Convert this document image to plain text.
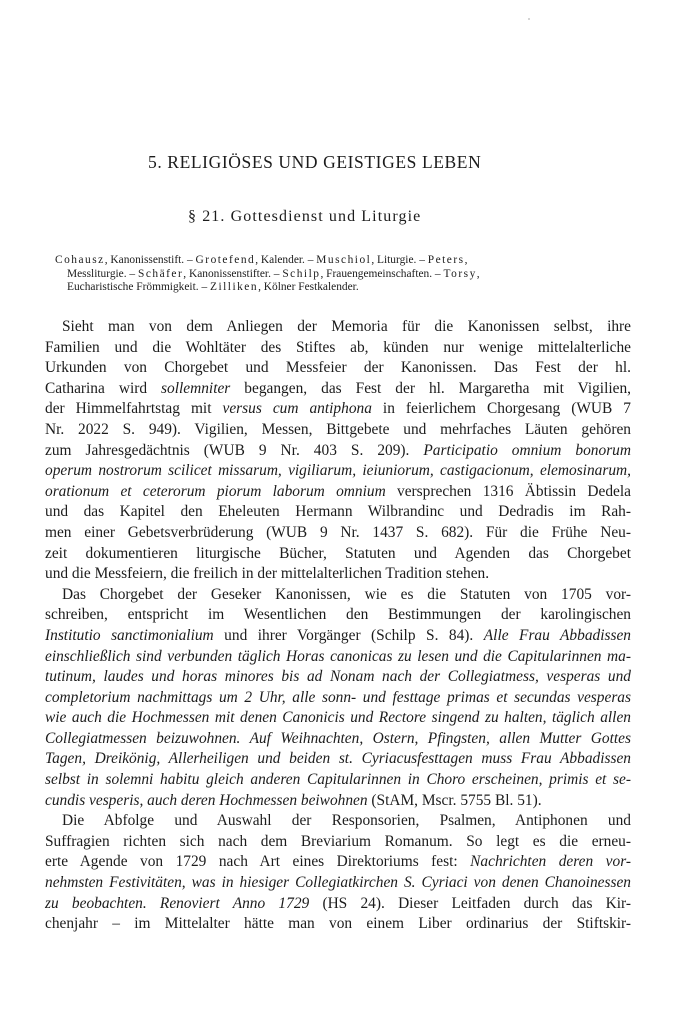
5. RELIGIÖSES UND GEISTIGES LEBEN
§ 21. Gottesdienst und Liturgie
Cohausz, Kanonissenstift. – Grotefend, Kalender. – Muschiol, Liturgie. – Peters,
Messliturgie. – Schäfer, Kanonissenstifter. – Schilp, Frauengemeinschaften. – Torsy,
Eucharistische Frömmigkeit. – Zilliken, Kölner Festkalender.
Sieht man von dem Anliegen der Memoria für die Kanonissen selbst, ihre
Familien und die Wohltäter des Stiftes ab, künden nur wenige mittelalterliche
Urkunden von Chorgebet und Messfeier der Kanonissen. Das Fest der hl.
Catharina wird sollemniter begangen, das Fest der hl. Margaretha mit Vigilien,
der Himmelfahrtstag mit versus cum antiphona in feierlichem Chorgesang (WUB 7
Nr. 2022 S. 949). Vigilien, Messen, Bittgebete und mehrfaches Läuten gehören
zum Jahresgedächtnis (WUB 9 Nr. 403 S. 209). Participatio omnium bonorum
operum nostrorum scilicet missarum, vigiliarum, ieiuniorum, castigacionum, elemosinarum,
orationum et ceterorum piorum laborum omnium versprechen 1316 Äbtissin Dedela
und das Kapitel den Eheleuten Hermann Wilbrandinc und Dedradis im Rah-
men einer Gebetsverbrüderung (WUB 9 Nr. 1437 S. 682). Für die Frühe Neu-
zeit dokumentieren liturgische Bücher, Statuten und Agenden das Chorgebet
und die Messfeiern, die freilich in der mittelalterlichen Tradition stehen.
Das Chorgebet der Geseker Kanonissen, wie es die Statuten von 1705 vor-
schreiben, entspricht im Wesentlichen den Bestimmungen der karolingischen
Institutio sanctimonialium und ihrer Vorgänger (Schilp S. 84). Alle Frau Abbadissen
einschließlich sind verbunden täglich Horas canonicas zu lesen und die Capitularinnen ma-
tutinum, laudes und horas minores bis ad Nonam nach der Collegiatmess, vesperas und
completorium nachmittags um 2 Uhr, alle sonn- und festtage primas et secundas vesperas
wie auch die Hochmessen mit denen Canonicis und Rectore singend zu halten, täglich allen
Collegiatmessen beizuwohnen. Auf Weihnachten, Ostern, Pfingsten, allen Mutter Gottes
Tagen, Dreikönig, Allerheiligen und beiden st. Cyriacusfesttagen muss Frau Abbadissen
selbst in solemni habitu gleich anderen Capitularinnen in Choro erscheinen, primis et se-
cundis vesperis, auch deren Hochmessen beiwohnen (StAM, Mscr. 5755 Bl. 51).
Die Abfolge und Auswahl der Responsorien, Psalmen, Antiphonen und
Suffragien richten sich nach dem Breviarium Romanum. So legt es die erneu-
erte Agende von 1729 nach Art eines Direktoriums fest: Nachrichten deren vor-
nehmsten Festivitäten, was in hiesiger Collegiatkirchen S. Cyriaci von denen Chanoinessen
zu beobachten. Renoviert Anno 1729 (HS 24). Dieser Leitfaden durch das Kir-
chenjahr – im Mittelalter hätte man von einem Liber ordinarius der Stiftskir-
